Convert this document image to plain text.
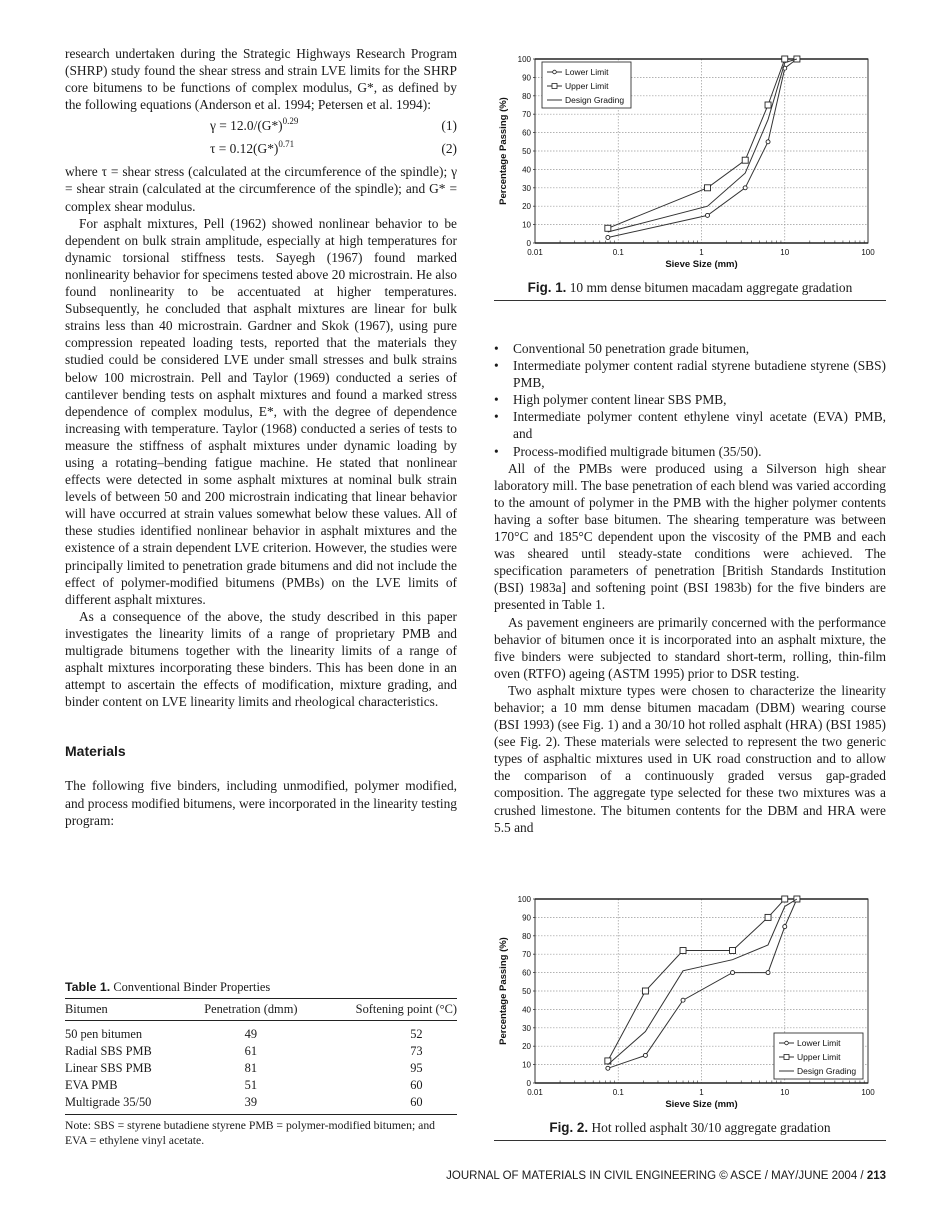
research undertaken during the Strategic Highways Research Program (SHRP) study found the shear stress and strain LVE limits for the SHRP core bitumens to be functions of complex modulus, G*, as defined by the following equations (Anderson et al. 1994; Petersen et al. 1994):

$\gamma = 12.0/(G*)^{0.29}$	(1)
$\tau = 0.12(G*)^{0.71}$	(2)

where τ = shear stress (calculated at the circumference of the spindle); γ = shear strain (calculated at the circumference of the spindle); and G* = complex shear modulus.

For asphalt mixtures, Pell (1962) showed nonlinear behavior to be dependent on bulk strain amplitude, especially at high temperatures for dynamic torsional stiffness tests. Sayegh (1967) found marked nonlinearity behavior for specimens tested above 20 microstrain. He also found nonlinearity to be accentuated at higher temperatures. Subsequently, he concluded that asphalt mixtures are linear for bulk strains less than 40 microstrain. Gardner and Skok (1967), using pure compression repeated loading tests, reported that the materials they studied could be considered LVE under small stresses and bulk strains below 100 microstrain. Pell and Taylor (1969) conducted a series of cantilever bending tests on asphalt mixtures and found a marked stress dependence of complex modulus, E*, with the degree of dependence increasing with temperature. Taylor (1968) conducted a series of tests to measure the stiffness of asphalt mixtures under dynamic loading by using a rotating–bending fatigue machine. He stated that nonlinear effects were detected in some asphalt mixtures at nominal bulk strain levels of between 50 and 200 microstrain indicating that linear behavior will have occurred at strain values somewhat below these values. All of these studies identified nonlinear behavior in asphalt mixtures and the existence of a strain dependent LVE criterion. However, the studies were principally limited to penetration grade bitumens and did not include the effect of polymer-modified bitumens (PMBs) on the LVE limits of different asphalt mixtures.

As a consequence of the above, the study described in this paper investigates the linearity limits of a range of proprietary PMB and multigrade bitumens together with the linearity limits of a range of asphalt mixtures incorporating these binders. This has been done in an attempt to ascertain the effects of modification, mixture grading, and binder content on LVE linearity limits and rheological characteristics.

Materials

The following five binders, including unmodified, polymer modified, and process modified bitumens, were incorporated in the linearity testing program:

Table 1. Conventional Binder Properties
Bitumen	Penetration (dmm)	Softening point (°C)
50 pen bitumen	49	52
Radial SBS PMB	61	73
Linear SBS PMB	81	95
EVA PMB	51	60
Multigrade 35/50	39	60
Note: SBS = styrene butadiene styrene PMB = polymer-modified bitumen; and EVA = ethylene vinyl acetate.
0
10
20
30
40
50
60
70
80
90
100
0.01	0.1	1	10	100
Sieve Size (mm)
Percentage Passing (%)
Lower Limit
Upper Limit
Design Grading
Fig. 1. 10 mm dense bitumen macadam aggregate gradation
• Conventional 50 penetration grade bitumen,
• Intermediate polymer content radial styrene butadiene styrene (SBS) PMB,
• High polymer content linear SBS PMB,
• Intermediate polymer content ethylene vinyl acetate (EVA) PMB, and
• Process-modified multigrade bitumen (35/50).

All of the PMBs were produced using a Silverson high shear laboratory mill. The base penetration of each blend was varied according to the amount of polymer in the PMB with the higher polymer contents having a softer base bitumen. The shearing temperature was between 170°C and 185°C dependent upon the viscosity of the PMB and each was sheared until steady-state conditions were achieved. The specification parameters of penetration [British Standards Institution (BSI) 1983a] and softening point (BSI 1983b) for the five binders are presented in Table 1.

As pavement engineers are primarily concerned with the performance behavior of bitumen once it is incorporated into an asphalt mixture, the five binders were subjected to standard short-term, rolling, thin-film oven (RTFO) ageing (ASTM 1995) prior to DSR testing.

Two asphalt mixture types were chosen to characterize the linearity behavior; a 10 mm dense bitumen macadam (DBM) wearing course (BSI 1993) (see Fig. 1) and a 30/10 hot rolled asphalt (HRA) (BSI 1985) (see Fig. 2). These materials were selected to represent the two generic types of asphaltic mixtures used in UK road construction and to allow the comparison of a continuously graded versus gap-graded composition. The aggregate type selected for these two mixtures was a crushed limestone. The bitumen contents for the DBM and HRA were 5.5 and

0
10
20
30
40
50
60
70
80
90
100
0.01	0.1	1	10	100
Sieve Size (mm)
Percentage Passing (%)	Lower Limit
Upper Limit
Design Grading
Fig. 2. Hot rolled asphalt 30/10 aggregate gradation
JOURNAL OF MATERIALS IN CIVIL ENGINEERING © ASCE / MAY/JUNE 2004 / 213
